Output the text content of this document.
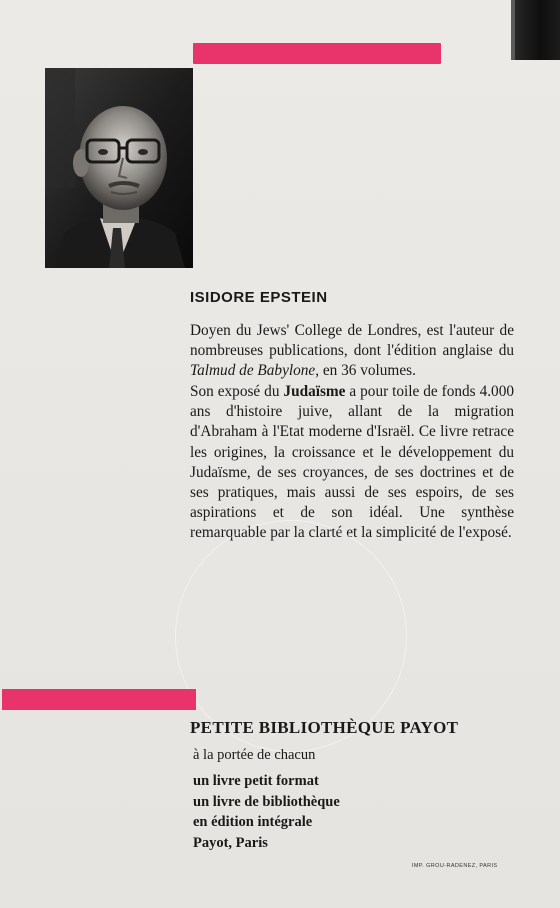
ISIDORE EPSTEIN

Doyen du Jews' College de Londres, est l'auteur de nombreuses publications, dont l'édition anglaise du Talmud de Babylone, en 36 volumes.

Son exposé du Judaïsme a pour toile de fonds 4.000 ans d'histoire juive, allant de la migration d'Abraham à l'Etat moderne d'Israël. Ce livre retrace les origines, la croissance et le développement du Judaïsme, de ses croyances, de ses doctrines et de ses pratiques, mais aussi de ses espoirs, de ses aspirations et de son idéal. Une synthèse remarquable par la clarté et la simplicité de l'exposé.

PETITE BIBLIOTHÈQUE PAYOT
à la portée de chacun
un livre petit format
un livre de bibliothèque
en édition intégrale
Payot, Paris
IMP. GROU-RADENEZ, PARIS
